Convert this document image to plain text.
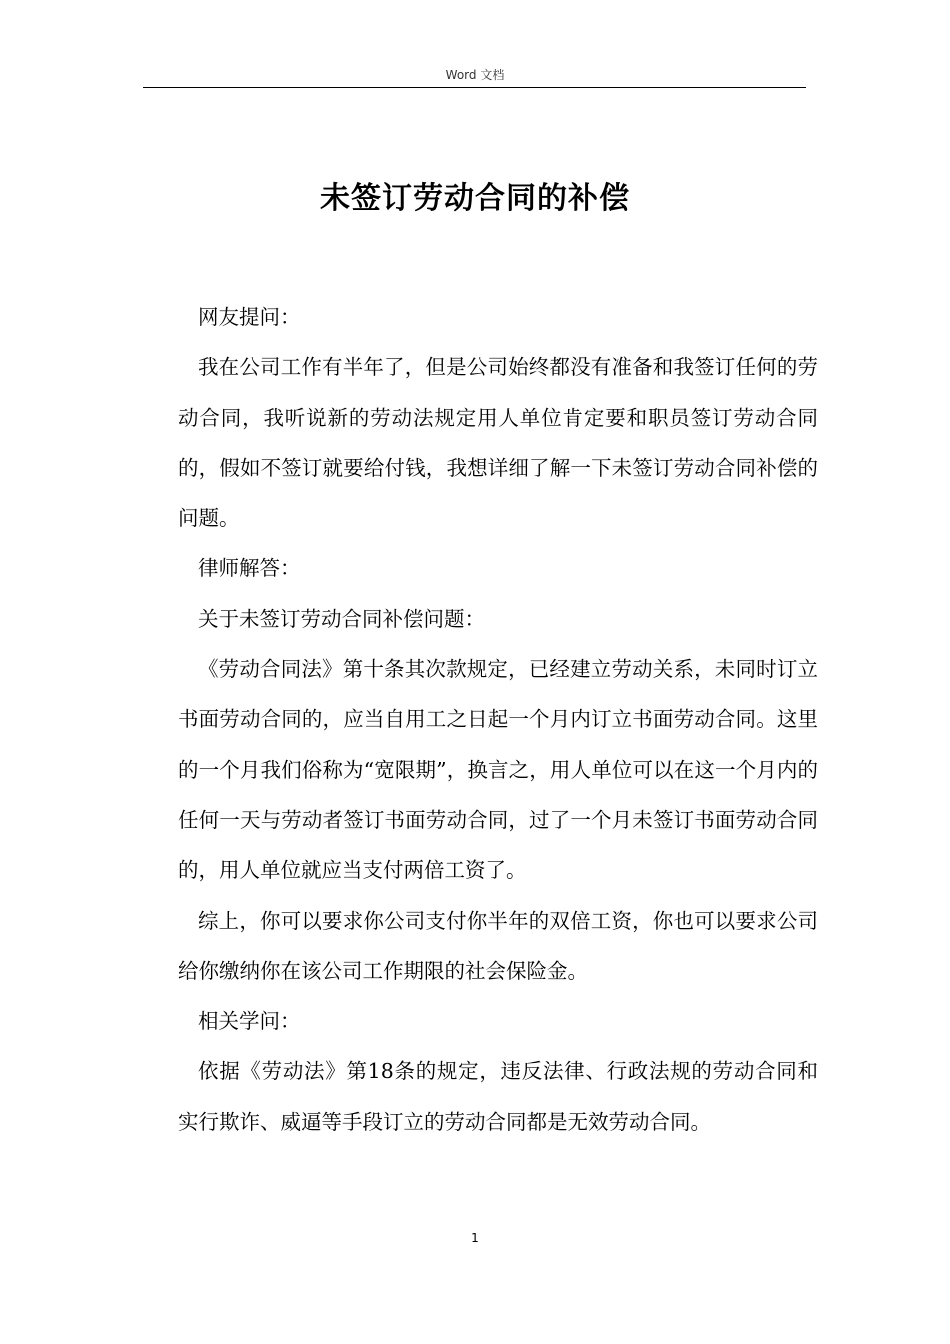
Word 文档
未签订劳动合同的补偿

网友提问：

我在公司工作有半年了，但是公司始终都没有准备和我签订任何的劳动合同，我听说新的劳动法规定用人单位肯定要和职员签订劳动合同的，假如不签订就要给付钱，我想详细了解一下未签订劳动合同补偿的问题。

律师解答：

关于未签订劳动合同补偿问题：

《劳动合同法》第十条其次款规定，已经建立劳动关系，未同时订立书面劳动合同的，应当自用工之日起一个月内订立书面劳动合同。这里的一个月我们俗称为“宽限期”，换言之，用人单位可以在这一个月内的任何一天与劳动者签订书面劳动合同，过了一个月未签订书面劳动合同的，用人单位就应当支付两倍工资了。

综上，你可以要求你公司支付你半年的双倍工资，你也可以要求公司给你缴纳你在该公司工作期限的社会保险金。

相关学问：

依据《劳动法》第18条的规定，违反法律、行政法规的劳动合同和实行欺诈、威逼等手段订立的劳动合同都是无效劳动合同。

1
